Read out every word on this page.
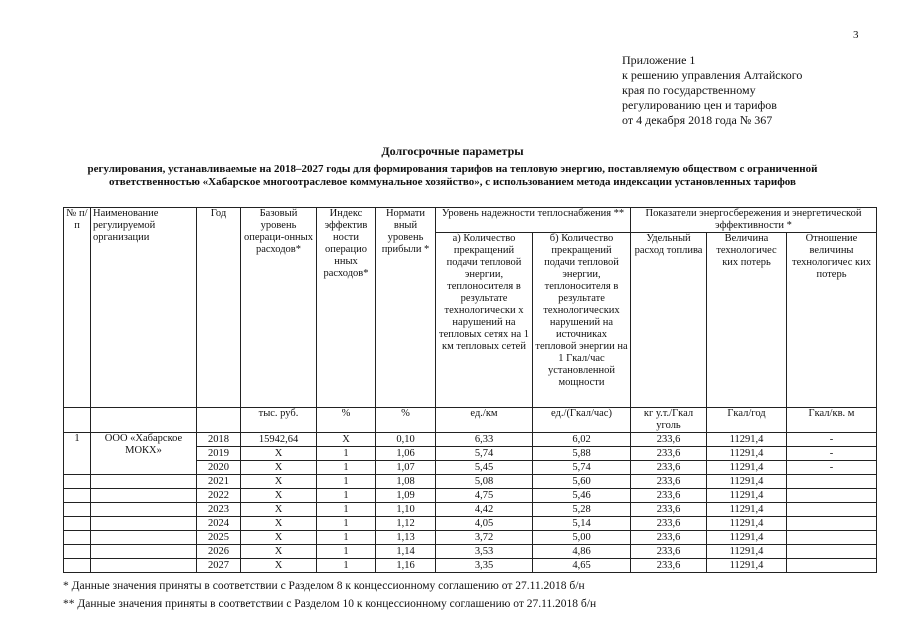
3
Приложение 1
к решению управления Алтайского
края по государственному
регулированию цен и тарифов
от 4 декабря 2018 года № 367
Долгосрочные параметры
регулирования, устанавливаемые на 2018–2027 годы для формирования тарифов на тепловую энергию, поставляемую обществом с ограниченной ответственностью «Хабарское многоотраслевое коммунальное хозяйство», с использованием метода индексации установленных тарифов
№ п/п	Наименование регулируемой организации	Год	Базовый уровень операци-онных расходов*	Индекс эффектив ности операцио нных расходов*	Нормати вный уровень прибыли *	Уровень надежности теплоснабжения **		Показатели энергосбережения и энергетической эффективности *		
						а) Количество прекращений подачи тепловой энергии, теплоносителя в результате технологически х нарушений на тепловых сетях на 1 км тепловых сетей	б) Количество прекращений подачи тепловой энергии, теплоносителя в результате технологических нарушений на источниках тепловой энергии на 1 Гкал/час установленной мощности	Удельный расход топлива	Величина технологичес ких потерь	Отношение величины технологичес ких потерь
			тыс. руб.	%	%	ед./км	ед./(Гкал/час)	кг у.т./Гкал уголь	Гкал/год	Гкал/кв. м
1	ООО «Хабарское МОКХ»	2018	15942,64	Х	0,10	6,33	6,02	233,6	11291,4	-
		2019	Х	1	1,06	5,74	5,88	233,6	11291,4	-
		2020	Х	1	1,07	5,45	5,74	233,6	11291,4	-
		2021	Х	1	1,08	5,08	5,60	233,6	11291,4	
		2022	Х	1	1,09	4,75	5,46	233,6	11291,4	
		2023	Х	1	1,10	4,42	5,28	233,6	11291,4	
		2024	Х	1	1,12	4,05	5,14	233,6	11291,4	
		2025	Х	1	1,13	3,72	5,00	233,6	11291,4	
		2026	Х	1	1,14	3,53	4,86	233,6	11291,4	
		2027	Х	1	1,16	3,35	4,65	233,6	11291,4	
* Данные значения приняты в соответствии с Разделом 8 к концессионному соглашению от 27.11.2018 б/н
** Данные значения приняты в соответствии с Разделом 10 к концессионному соглашению от 27.11.2018 б/н
